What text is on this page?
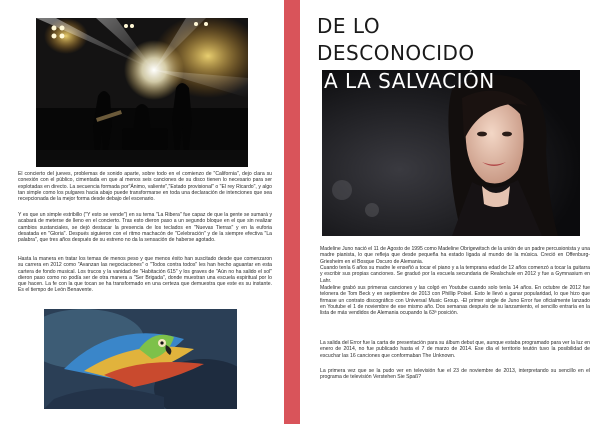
El concierto del jueves, problemas de sonido aparte, sobre todo en el comienzo de "California", dejo clara su conexión con el público, cimentada en que al menos seis canciones de su disco tienen lo necesario para ser explotadas en directo. La secuencia formada por"Ánimo, valiente","Estado provisional" o "El rey Ricardo", y algo tan simple como los pulgares hacia abajo puede transformarse en toda una declaración de intenciones que sea recepcionada de la mejor forma desde debajo del escenario.

Y es que un simple estribillo ("Y esto se vende") en su tema "La Ribera" fue capaz de que la gente se sumará y acabará de meterse de lleno en el concierto. Tras esto dieron paso a un segundo bloque en el que sin realizar cambios sustanciales, se dejó destacar la presencia de los teclados en "Nuevas Tierras" y en la euforia desatada en "Gloria". Después siguieron con el ritmo machacón de "Celebración" y de la siempre efectiva "La palabra", que tres años después de su estreno no da la sensación de haberse agotado.

Hasta la manera en tratar los temas de menos peso y que menos éxito han suscitado desde que comenzaron su carrera en 2012 como "Avanzan las negociaciones" o "Todos contra todos" les han hecho aguantar en esta cartera de fondo musical. Los trucos y la vanidad de "Habitación 615" y los graves de "Aún no ha salido el sol" dieron paso como no podía ser de otra manera a "Ser Brigada", donde muestran una escuela espiritual por lo que hacen. La fe con la que tocan se ha transformado en una certeza que demuestra que este es su instante. Es el tiempo de León Benavente.

DE LO
DESCONOCIDO
A LA SALVACIÓN

Madeline Juno nació el 11 de Agosto de 1995 como Madeline Obrigewitsch de la unión de un padre percusionista y una madre pianista, lo que refleja que desde pequeña ha estado ligada al mundo de la música. Creció en Offenburg-Griesheim en el Bosque Oscuro de Alemania.

Cuando tenía 6 años su madre le enseñó a tocar el piano y a la temprana edad de 12 años comenzó a tocar la guitarra y escribir sus propias canciones. Se graduó por la escuela secundaria de Realschule en 2012 y fue a Gymnasium en Lahr.

Madeline grabó sus primeras canciones y las colgó en Youtube cuando solo tenía 14 años. En octubre de 2012 fue telonera de Tom Beck y en septiembre de 2013 con Phillip Poisel. Esto le llevó a ganar popularidad, lo que hizo que firmase un contrato discográfico con Universal Music Group. -El primer single de Juno Error fue oficialmente lanzado en Youtube el 1 de noviembre de ese mismo año. Dos semanas después de su lanzamiento, el sencillo entraría en la lista de más vendidos de Alemania ocupando la 63ª posición.

La salida del Error fue la carta de presentación para su álbum debut que, aunque estaba programado para ver la luz en enero de 2014, no fue publicado hasta el 7 de marzo de 2014. Ese día el territorio teutón tuvo la posibilidad de escuchar las 16 canciones que conformaban The Unknown.

La primera vez que se la pudo ver en televisión fue el 23 de noviembre de 2013, interpretando su sencillo en el programa de televisión Verstehen Sie Spaß?
